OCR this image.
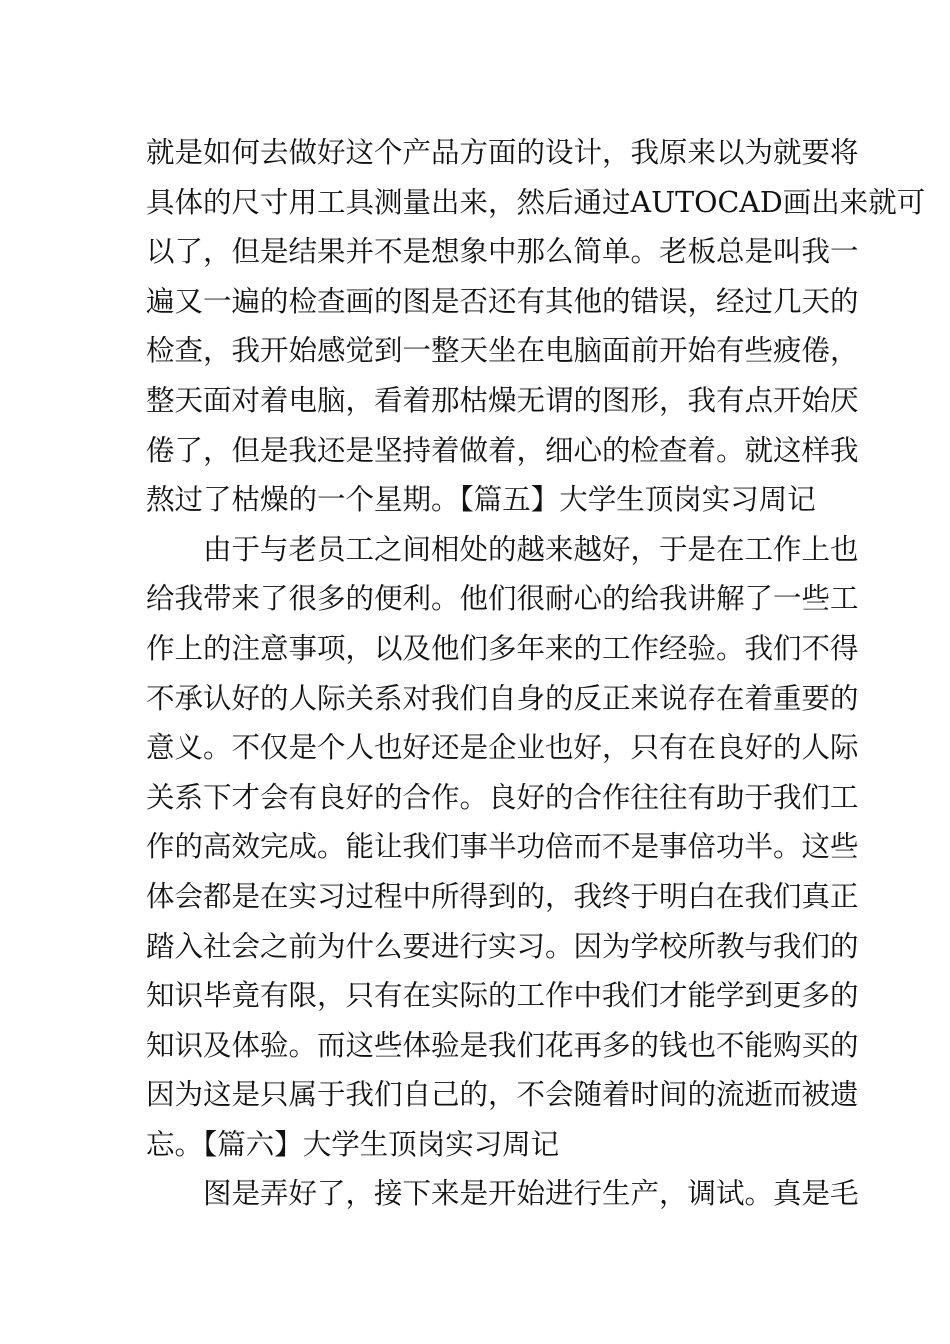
就是如何去做好这个产品方面的设计，我原来以为就要将
具体的尺寸用工具测量出来，然后通过AUTOCAD画出来就可
以了，但是结果并不是想象中那么简单。老板总是叫我一
遍又一遍的检查画的图是否还有其他的错误，经过几天的
检查，我开始感觉到一整天坐在电脑面前开始有些疲倦，
整天面对着电脑，看着那枯燥无谓的图形，我有点开始厌
倦了，但是我还是坚持着做着，细心的检查着。就这样我
熬过了枯燥的一个星期。【篇五】大学生顶岗实习周记
由于与老员工之间相处的越来越好，于是在工作上也
给我带来了很多的便利。他们很耐心的给我讲解了一些工
作上的注意事项，以及他们多年来的工作经验。我们不得
不承认好的人际关系对我们自身的反正来说存在着重要的
意义。不仅是个人也好还是企业也好，只有在良好的人际
关系下才会有良好的合作。良好的合作往往有助于我们工
作的高效完成。能让我们事半功倍而不是事倍功半。这些
体会都是在实习过程中所得到的，我终于明白在我们真正
踏入社会之前为什么要进行实习。因为学校所教与我们的
知识毕竟有限，只有在实际的工作中我们才能学到更多的
知识及体验。而这些体验是我们花再多的钱也不能购买的
因为这是只属于我们自己的，不会随着时间的流逝而被遗
忘。【篇六】大学生顶岗实习周记
图是弄好了，接下来是开始进行生产，调试。真是毛
